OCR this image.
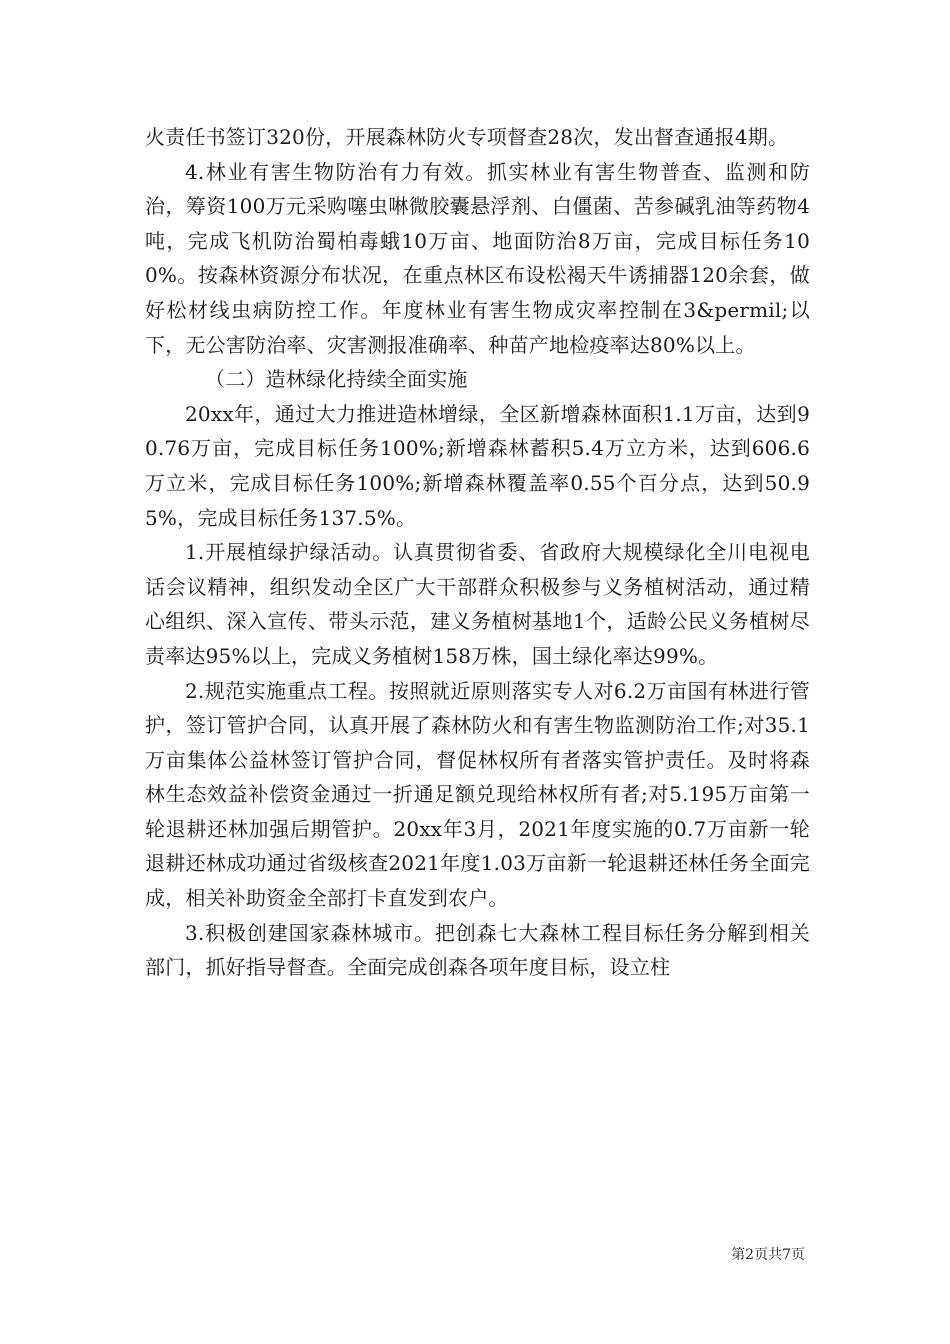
火责任书签订320份，开展森林防火专项督查28次，发出督查通报4期。

4.林业有害生物防治有力有效。抓实林业有害生物普查、监测和防治，筹资100万元采购噻虫啉微胶囊悬浮剂、白僵菌、苦参碱乳油等药物4吨，完成飞机防治蜀柏毒蛾10万亩、地面防治8万亩，完成目标任务100%。按森林资源分布状况，在重点林区布设松褐天牛诱捕器120余套，做好松材线虫病防控工作。年度林业有害生物成灾率控制在3&permil;以下，无公害防治率、灾害测报准确率、种苗产地检疫率达80%以上。

（二）造林绿化持续全面实施

20xx年，通过大力推进造林增绿，全区新增森林面积1.1万亩，达到90.76万亩，完成目标任务100%;新增森林蓄积5.4万立方米，达到606.6万立米，完成目标任务100%;新增森林覆盖率0.55个百分点，达到50.95%，完成目标任务137.5%。

1.开展植绿护绿活动。认真贯彻省委、省政府大规模绿化全川电视电话会议精神，组织发动全区广大干部群众积极参与义务植树活动，通过精心组织、深入宣传、带头示范，建义务植树基地1个，适龄公民义务植树尽责率达95%以上，完成义务植树158万株，国土绿化率达99%。

2.规范实施重点工程。按照就近原则落实专人对6.2万亩国有林进行管护，签订管护合同，认真开展了森林防火和有害生物监测防治工作;对35.1万亩集体公益林签订管护合同，督促林权所有者落实管护责任。及时将森林生态效益补偿资金通过一折通足额兑现给林权所有者;对5.195万亩第一轮退耕还林加强后期管护。20xx年3月，2021年度实施的0.7万亩新一轮退耕还林成功通过省级核查2021年度1.03万亩新一轮退耕还林任务全面完成，相关补助资金全部打卡直发到农户。

3.积极创建国家森林城市。把创森七大森林工程目标任务分解到相关部门，抓好指导督查。全面完成创森各项年度目标，设立柱

第2页共7页
